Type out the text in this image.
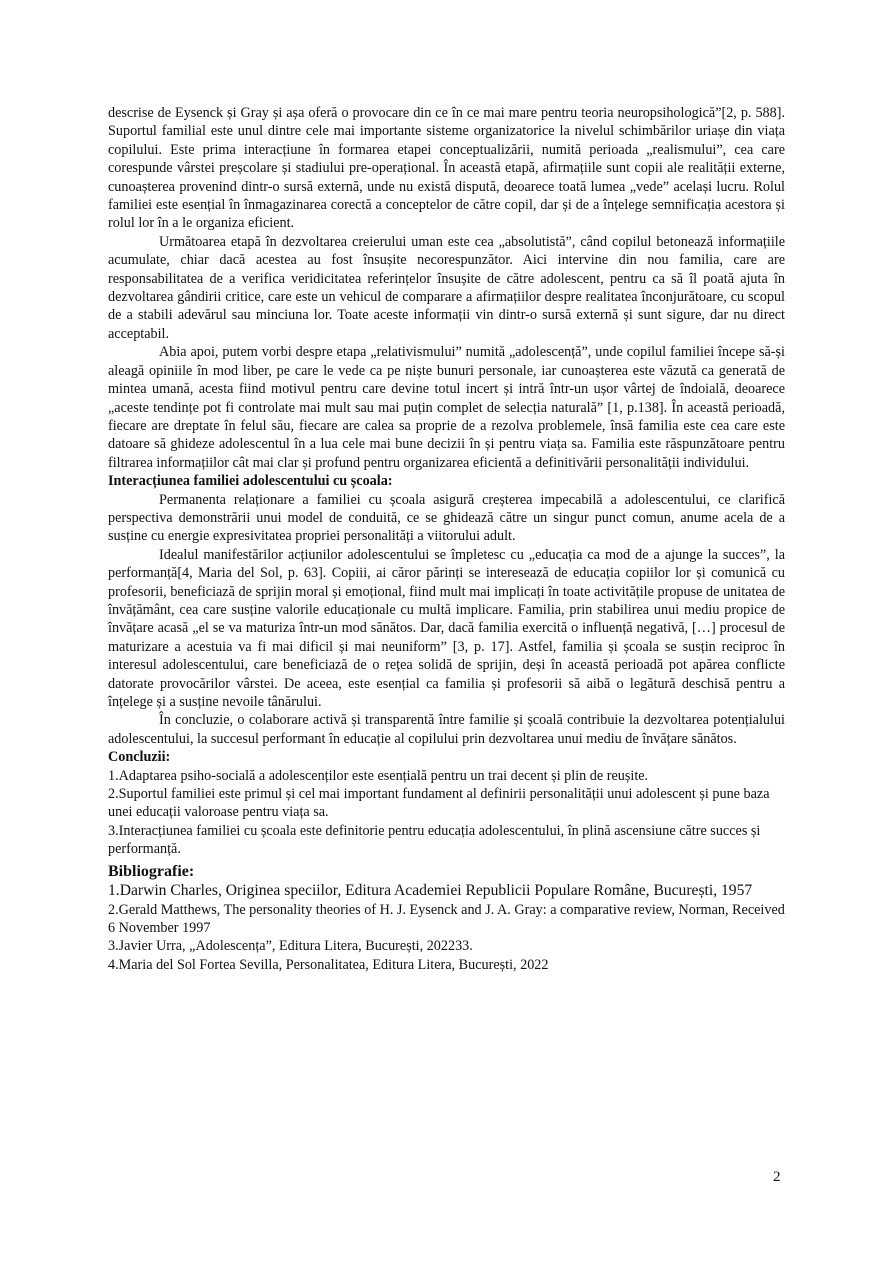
descrise de Eysenck și Gray și așa oferă o provocare din ce în ce mai mare pentru teoria neuropsihologică”[2, p. 588]. Suportul familial este unul dintre cele mai importante sisteme organizatorice la nivelul schimbărilor uriașe din viața copilului. Este prima interacțiune în formarea etapei conceptualizării, numită perioada „realismului”, cea care corespunde vârstei preșcolare și stadiului pre-operațional. În această etapă, afirmațiile sunt copii ale realității externe, cunoașterea provenind dintr-o sursă externă, unde nu există dispută, deoarece toată lumea „vede” același lucru. Rolul familiei este esențial în înmagazinarea corectă a conceptelor de către copil, dar și de a înțelege semnificația acestora și rolul lor în a le organiza eficient.

Următoarea etapă în dezvoltarea creierului uman este cea „absolutistă”, când copilul betonează informațiile acumulate, chiar dacă acestea au fost însușite necorespunzător. Aici intervine din nou familia, care are responsabilitatea de a verifica veridicitatea referințelor însușite de către adolescent, pentru ca să îl poată ajuta în dezvoltarea gândirii critice, care este un vehicul de comparare a afirmațiilor despre realitatea înconjurătoare, cu scopul de a stabili adevărul sau minciuna lor. Toate aceste informații vin dintr-o sursă externă și sunt sigure, dar nu direct acceptabil.

Abia apoi, putem vorbi despre etapa „relativismului” numită „adolescență”, unde copilul familiei începe să-și aleagă opiniile în mod liber, pe care le vede ca pe niște bunuri personale, iar cunoașterea este văzută ca generată de mintea umană, acesta fiind motivul pentru care devine totul incert și intră într-un ușor vârtej de îndoială, deoarece „aceste tendințe pot fi controlate mai mult sau mai puțin complet de selecția naturală” [1, p.138]. În această perioadă, fiecare are dreptate în felul său, fiecare are calea sa proprie de a rezolva problemele, însă familia este cea care este datoare să ghideze adolescentul în a lua cele mai bune decizii în și pentru viața sa. Familia este răspunzătoare pentru filtrarea informațiilor cât mai clar și profund pentru organizarea eficientă a definitivării personalității individului.

Interacțiunea familiei adolescentului cu școala:

Permanenta relaționare a familiei cu școala asigură creșterea impecabilă a adolescentului, ce clarifică perspectiva demonstrării unui model de conduită, ce se ghidează către un singur punct comun, anume acela de a susține cu energie expresivitatea propriei personalități a viitorului adult.

Idealul manifestărilor acțiunilor adolescentului se împletesc cu „educația ca mod de a ajunge la succes”, la performanță[4, Maria del Sol, p. 63]. Copiii, ai căror părinți se interesează de educația copiilor lor și comunică cu profesorii, beneficiază de sprijin moral și emoțional, fiind mult mai implicați în toate activitățile propuse de unitatea de învățământ, cea care susține valorile educaționale cu multă implicare. Familia, prin stabilirea unui mediu propice de învățare acasă „el se va maturiza într-un mod sănătos. Dar, dacă familia exercită o influență negativă, […] procesul de maturizare a acestuia va fi mai dificil și mai neuniform” [3, p. 17]. Astfel, familia și școala se susțin reciproc în interesul adolescentului, care beneficiază de o rețea solidă de sprijin, deși în această perioadă pot apărea conflicte datorate provocărilor vârstei. De aceea, este esențial ca familia și profesorii să aibă o legătură deschisă pentru a înțelege și a susține nevoile tânărului.

În concluzie, o colaborare activă și transparentă între familie și școală contribuie la dezvoltarea potențialului adolescentului, la succesul performant în educație al copilului prin dezvoltarea unui mediu de învățare sănătos.

Concluzii:

1.Adaptarea psiho-socială a adolescenților este esențială pentru un trai decent și plin de reușite.

2.Suportul familiei este primul și cel mai important fundament al definirii personalității unui adolescent și pune baza unei educații valoroase pentru viața sa.

3.Interacțiunea familiei cu școala este definitorie pentru educația adolescentului, în plină ascensiune către succes și performanță.

Bibliografie:

1.Darwin Charles, Originea speciilor, Editura Academiei Republicii Populare Române, București, 1957

2.Gerald Matthews, The personality theories of H. J. Eysenck and J. A. Gray: a comparative review, Norman, Received 6 November 1997

3.Javier Urra, „Adolescența”, Editura Litera, București, 202233.

4.Maria del Sol Fortea Sevilla, Personalitatea, Editura Litera, București, 2022

2
